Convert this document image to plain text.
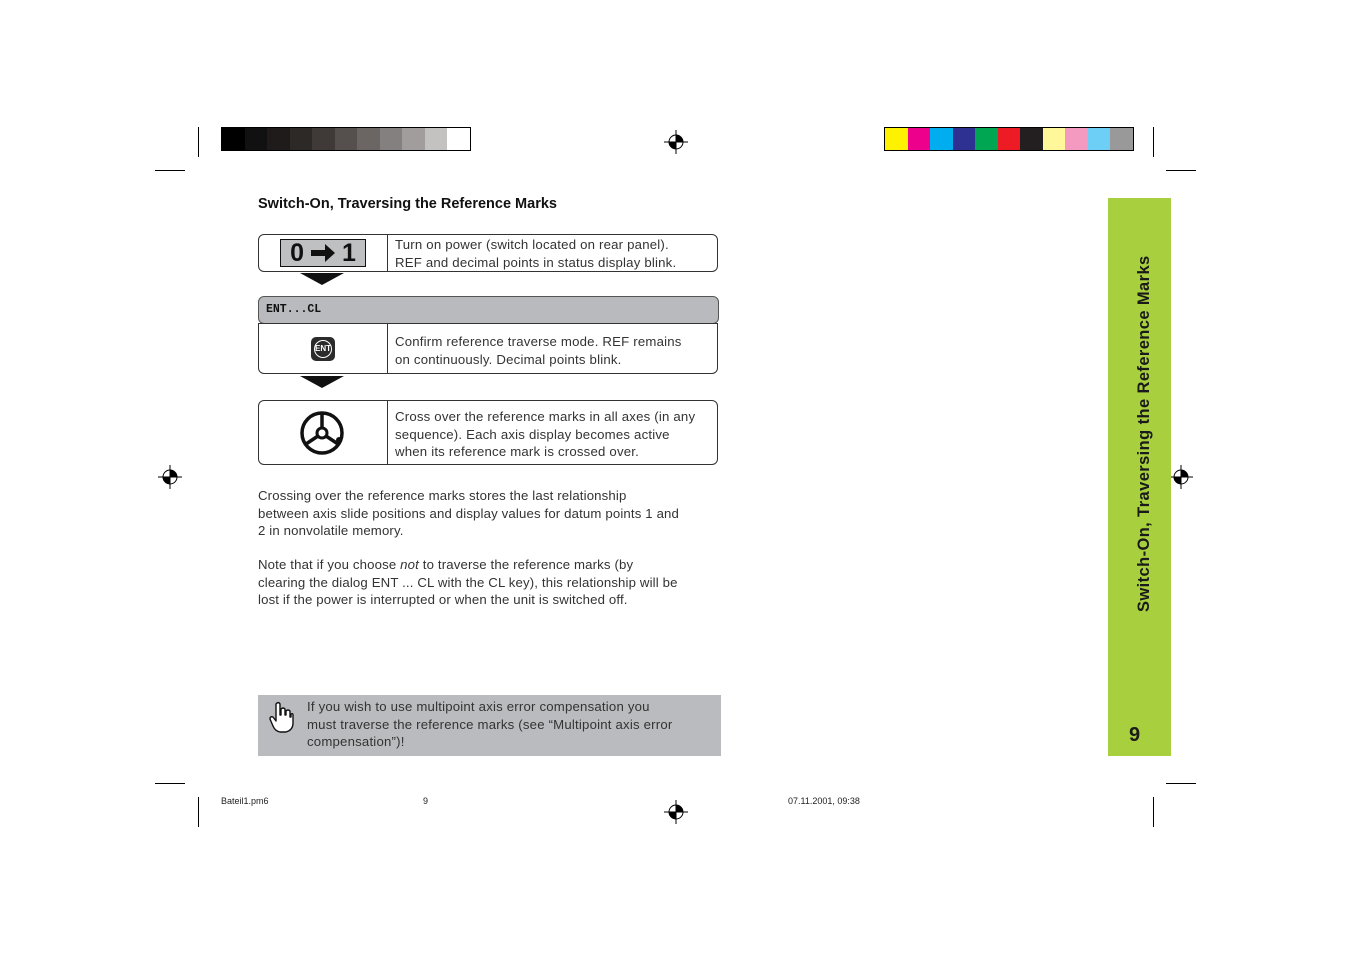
Switch-On, Traversing the Reference Marks
0 1	Turn on power (switch located on rear panel).
REF and decimal points in status display blink.
ENT...CL
ENT	Confirm reference traverse mode. REF remains
on continuously. Decimal points blink.
Cross over the reference marks in all axes (in any
sequence). Each axis display becomes active
when its reference mark is crossed over.
Crossing over the reference marks stores the last relationship
between axis slide positions and display values for datum points 1 and
2 in nonvolatile memory.
Note that if you choose not to traverse the reference marks (by
clearing the dialog ENT ... CL with the CL key), this relationship will be
lost if the power is interrupted or when the unit is switched off.
If you wish to use multipoint axis error compensation you
must traverse the reference marks (see “Multipoint axis error
compensation”)!
Switch-On, Traversing the Reference Marks
9
Bateil1.pm6	9	07.11.2001, 09:38
